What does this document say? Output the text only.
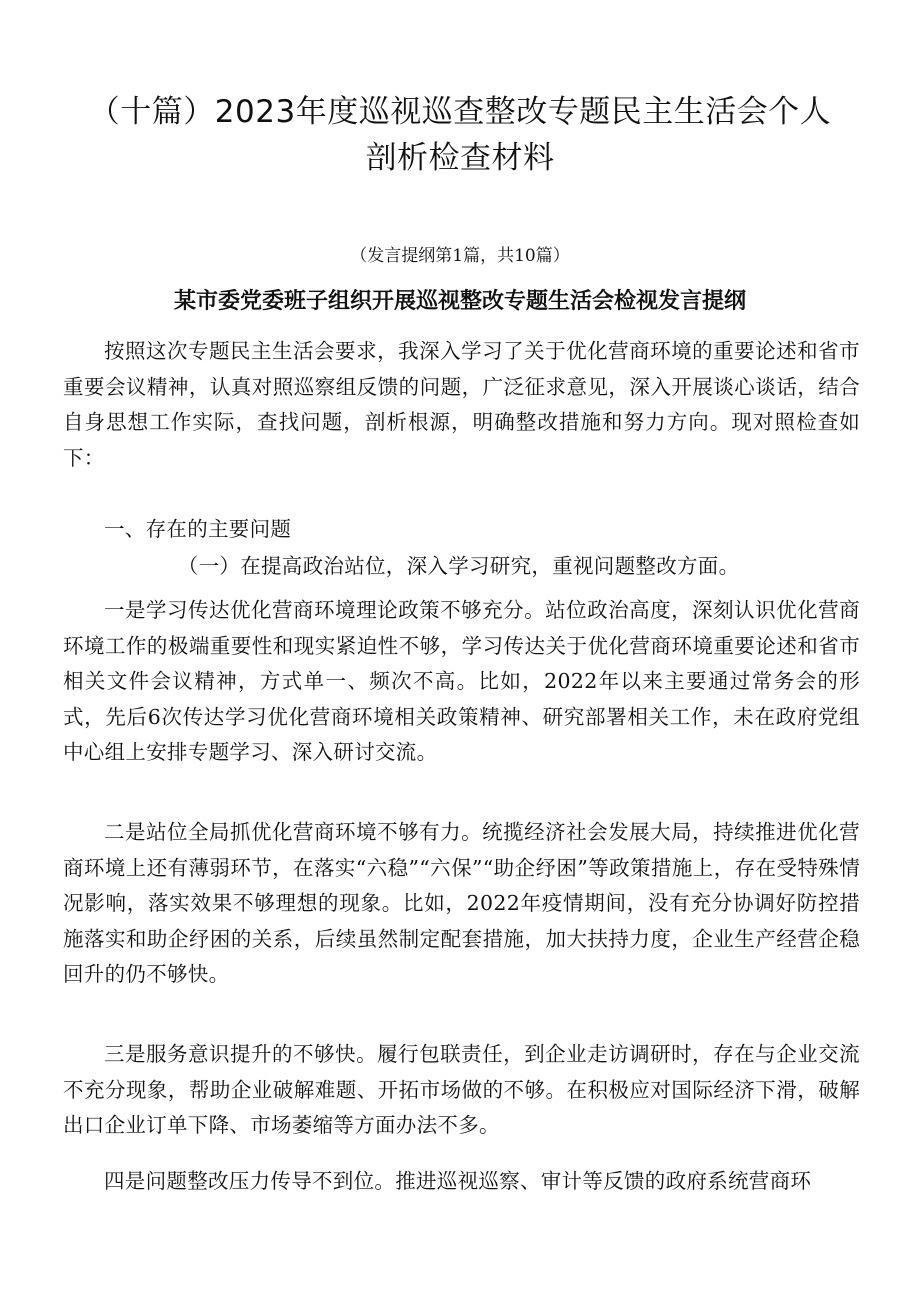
（十篇）2023年度巡视巡查整改专题民主生活会个人
剖析检查材料
（发言提纲第1篇，共10篇）
某市委党委班子组织开展巡视整改专题生活会检视发言提纲

按照这次专题民主生活会要求，我深入学习了关于优化营商环境的重要论述和省市重要会议精神，认真对照巡察组反馈的问题，广泛征求意见，深入开展谈心谈话，结合自身思想工作实际，查找问题，剖析根源，明确整改措施和努力方向。现对照检查如下：

一、存在的主要问题

（一）在提高政治站位，深入学习研究，重视问题整改方面。

一是学习传达优化营商环境理论政策不够充分。站位政治高度，深刻认识优化营商环境工作的极端重要性和现实紧迫性不够，学习传达关于优化营商环境重要论述和省市相关文件会议精神，方式单一、频次不高。比如，2022年以来主要通过常务会的形式，先后6次传达学习优化营商环境相关政策精神、研究部署相关工作，未在政府党组中心组上安排专题学习、深入研讨交流。

二是站位全局抓优化营商环境不够有力。统揽经济社会发展大局，持续推进优化营商环境上还有薄弱环节，在落实“六稳”“六保”“助企纾困”等政策措施上，存在受特殊情况影响，落实效果不够理想的现象。比如，2022年疫情期间，没有充分协调好防控措施落实和助企纾困的关系，后续虽然制定配套措施，加大扶持力度，企业生产经营企稳回升的仍不够快。

三是服务意识提升的不够快。履行包联责任，到企业走访调研时，存在与企业交流不充分现象，帮助企业破解难题、开拓市场做的不够。在积极应对国际经济下滑，破解出口企业订单下降、市场萎缩等方面办法不多。

四是问题整改压力传导不到位。推进巡视巡察、审计等反馈的政府系统营商环
